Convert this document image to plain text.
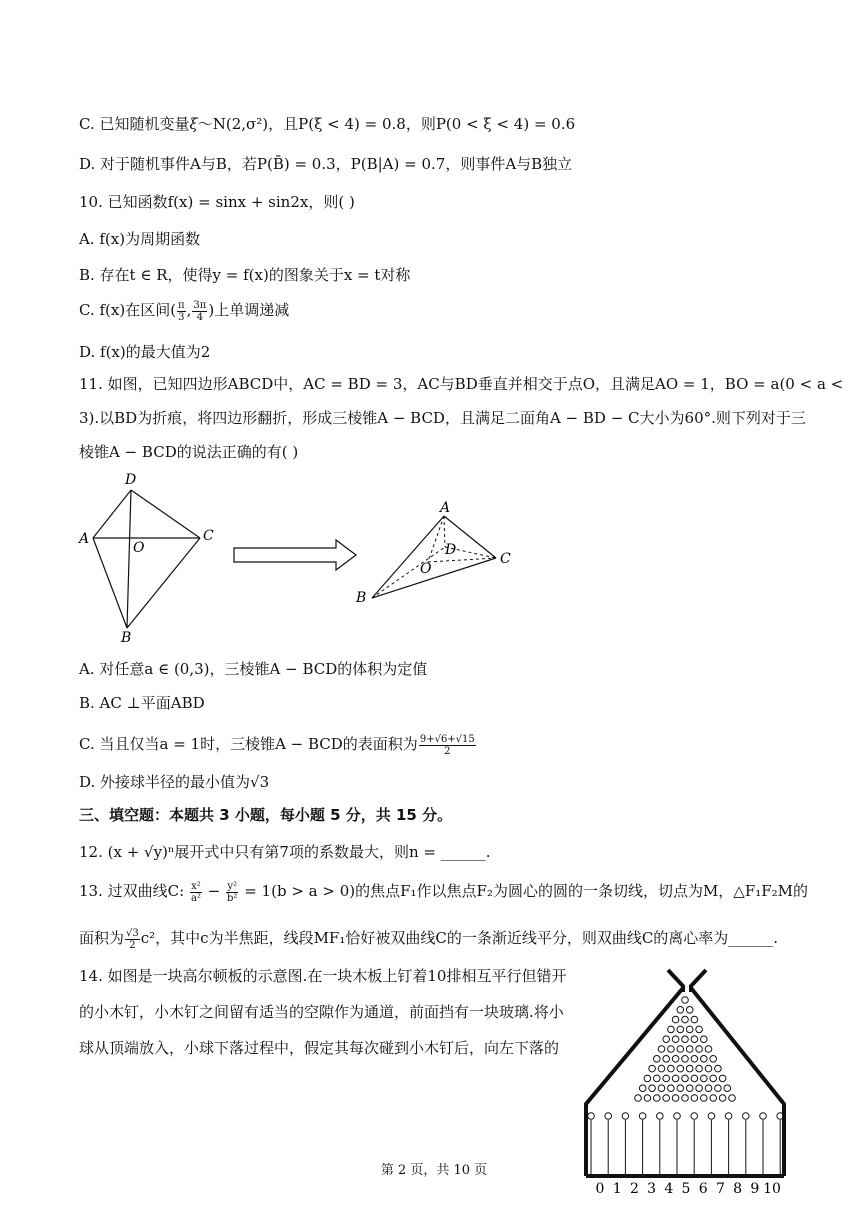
C. 已知随机变量ξ～N(2,σ²)，且P(ξ < 4) = 0.8，则P(0 < ξ < 4) = 0.6
D. 对于随机事件A与B，若P(B̄) = 0.3，P(B|A) = 0.7，则事件A与B独立
10. 已知函数f(x) = sinx + sin2x，则( )
A. f(x)为周期函数
B. 存在t ∈ R，使得y = f(x)的图象关于x = t对称
C. f(x)在区间( $\frac{\pi}{3}$ , $\frac{3\pi}{4}$ )上单调递减
D. f(x)的最大值为2
11. 如图，已知四边形ABCD中，AC = BD = 3，AC与BD垂直并相交于点O，且满足AO = 1，BO = a(0 < a <
3).以BD为折痕，将四边形翻折，形成三棱锥A − BCD，且满足二面角A − BD − C大小为60°.则下列对于三
棱锥A − BCD的说法正确的有( )
D
A
O
C
B
A
D
O
C
B
A. 对任意a ∈ (0,3)，三棱锥A − BCD的体积为定值
B. AC ⊥平面ABD
C. 当且仅当a = 1时，三棱锥A − BCD的表面积为 $\frac{9+√6+√15}{2}$
D. 外接球半径的最小值为√3
三、填空题：本题共 3 小题，每小题 5 分，共 15 分。
12. (x + √y)ⁿ展开式中只有第7项的系数最大，则n = ______.
13. 过双曲线C: $\frac{\text{x²}}{\text{a²}} - \frac{\text{y²}}{\text{b²}} = 1(b > a > 0)$的焦点F₁作以焦点F₂为圆心的圆的一条切线，切点为M，△F₁F₂M的
面积为 $\frac{√3}{2} c^2$，其中c为半焦距，线段MF₁恰好被双曲线C的一条渐近线平分，则双曲线C的离心率为______.
14. 如图是一块高尔顿板的示意图.在一块木板上钉着10排相互平行但错开
的小木钉，小木钉之间留有适当的空隙作为通道，前面挡有一块玻璃.将小
球从顶端放入，小球下落过程中，假定其每次碰到小木钉后，向左下落的
0 1 2 3 4 5 6 7 8 9 10
第 2 页，共 10 页
